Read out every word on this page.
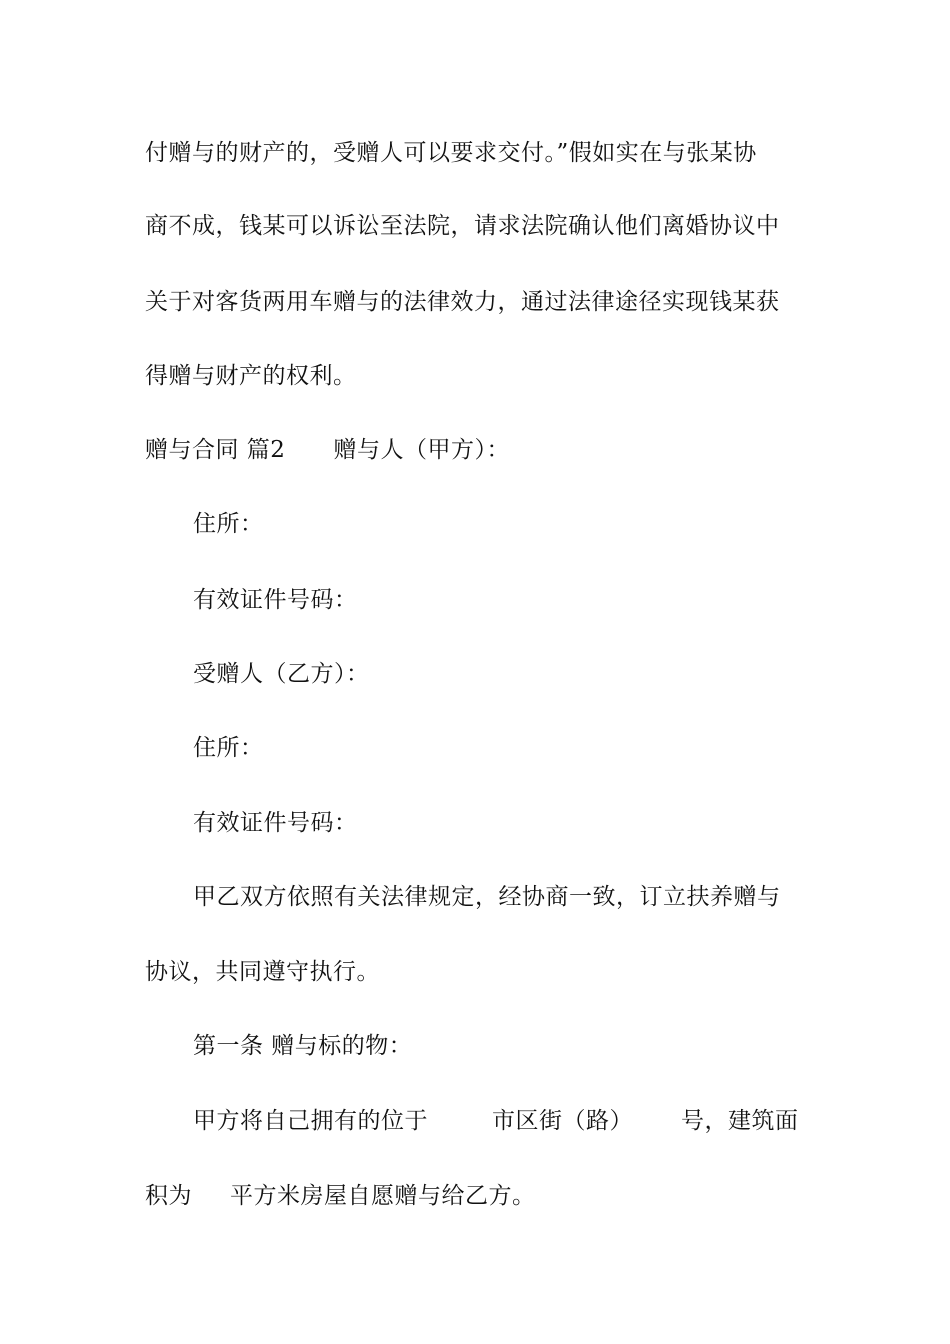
付赠与的财产的，受赠人可以要求交付。”假如实在与张某协
商不成，钱某可以诉讼至法院，请求法院确认他们离婚协议中
关于对客货两用车赠与的法律效力，通过法律途径实现钱某获
得赠与财产的权利。
赠与合同 篇2 赠与人（甲方）：
住所：
有效证件号码：
受赠人（乙方）：
住所：
有效证件号码：
甲乙双方依照有关法律规定，经协商一致，订立扶养赠与
协议，共同遵守执行。
第一条 赠与标的物：
甲方将自己拥有的位于	市区街（路） 号，建筑面
积为 平方米房屋自愿赠与给乙方。
